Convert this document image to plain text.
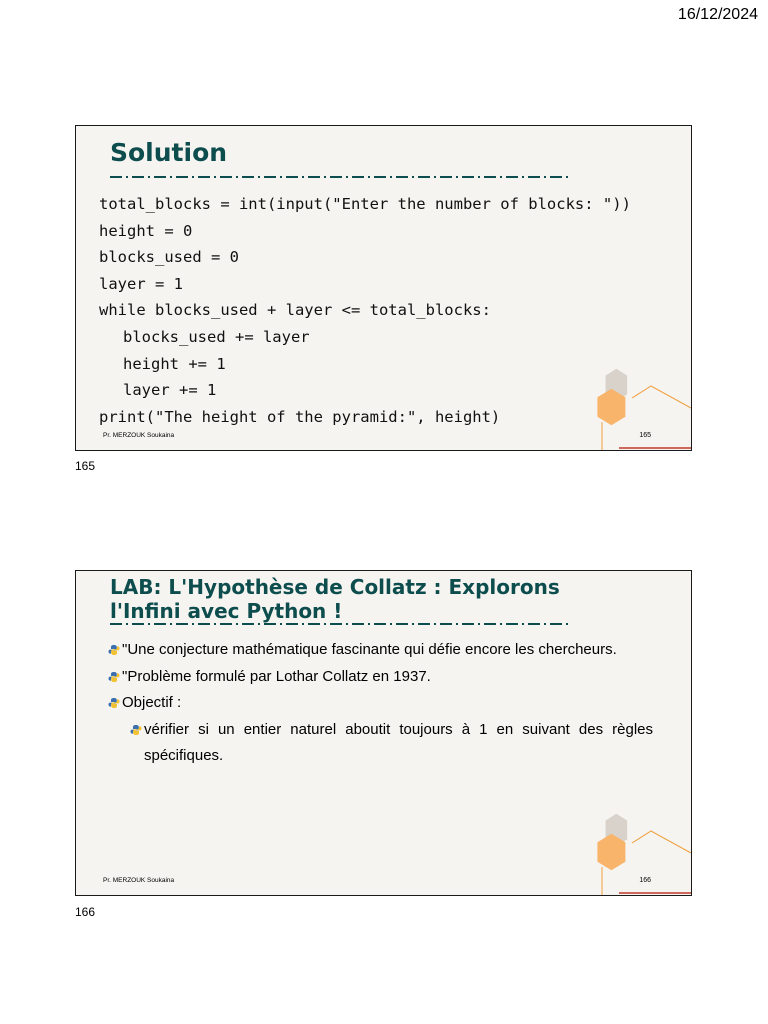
16/12/2024
Solution
total_blocks = int(input("Enter the number of blocks: "))
height = 0
blocks_used = 0
layer = 1
while blocks_used + layer <= total_blocks:
blocks_used += layer
height += 1
layer += 1
print("The height of the pyramid:", height)
Pr. MERZOUK Soukaina	165
165
LAB: L'Hypothèse de Collatz : Explorons
l'Infini avec Python !
"Une conjecture mathématique fascinante qui défie encore les chercheurs.
"Problème formulé par Lothar Collatz en 1937.
Objectif :
vérifier si un entier naturel aboutit toujours à 1 en suivant des règles spécifiques.
Pr. MERZOUK Soukaina	166
166
